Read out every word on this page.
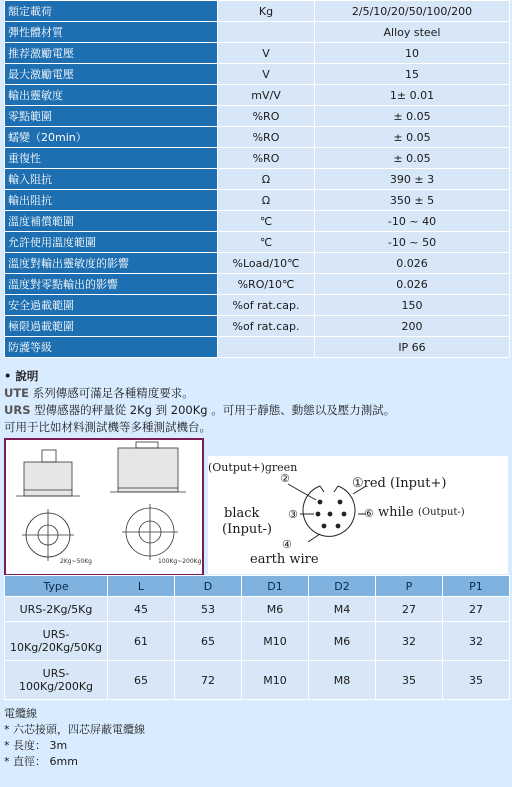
額定載荷	Kg	2/5/10/20/50/100/200
彈性體材質		Alloy steel
推荐激勵電壓	V	10
最大激勵電壓	V	15
輸出靈敏度	mV/V	1± 0.01
零點範圍	%RO	± 0.05
蠕變（20min）	%RO	± 0.05
重復性	%RO	± 0.05
輸入阻抗	Ω	390 ± 3
輸出阻抗	Ω	350 ± 5
溫度補償範圍	℃	-10 ~ 40
允許使用溫度範圍	℃	-10 ~ 50
溫度對輸出靈敏度的影響	%Load/10℃	0.026
溫度對零點輸出的影響	%RO/10℃	0.026
安全過載範圍	%of rat.cap.	150
極限過載範圍	%of rat.cap.	200
防護等級		IP 66
• 說明
UTE 系列傳感可滿足各種精度要求。
URS 型傳感器的秤量從 2Kg 到 200Kg 。可用于靜態、動態以及壓力測試。
可用于比如材料測試機等多種測試機台。
2Kg~50Kg	100Kg~200Kg
(Output+)green
②	①red (Input+)
black	③
(Input-)
⑥ while (Output-)
④
earth wire
Type	L	D	D1	D2	P	P1
URS-2Kg/5Kg	45	53	M6	M4	27	27
URS-10Kg/20Kg/50Kg	61	65	M10	M6	32	32
URS-100Kg/200Kg	65	72	M10	M8	35	35
電纜線
* 六芯接頭，四芯屏蔽電纜線
* 長度： 3m
* 直徑： 6mm
